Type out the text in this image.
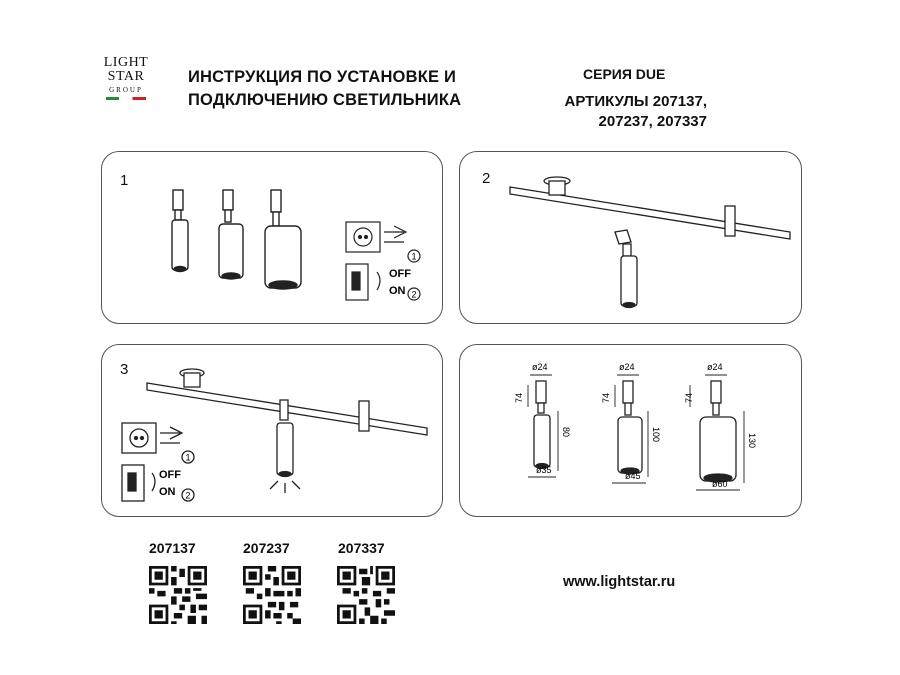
LIGHT
STAR
GROUP
ИНСТРУКЦИЯ ПО УСТАНОВКЕ И
ПОДКЛЮЧЕНИЮ СВЕТИЛЬНИКА
СЕРИЯ DUE
АРТИКУЛЫ 207137,
207237, 207337
1
1
2
OFF
ON
2
3
1
2
OFF
ON
ø24
74
80
ø35
ø24
74
100
ø45
ø24
74
130
ø60
207137	207237	207337
www.lightstar.ru
